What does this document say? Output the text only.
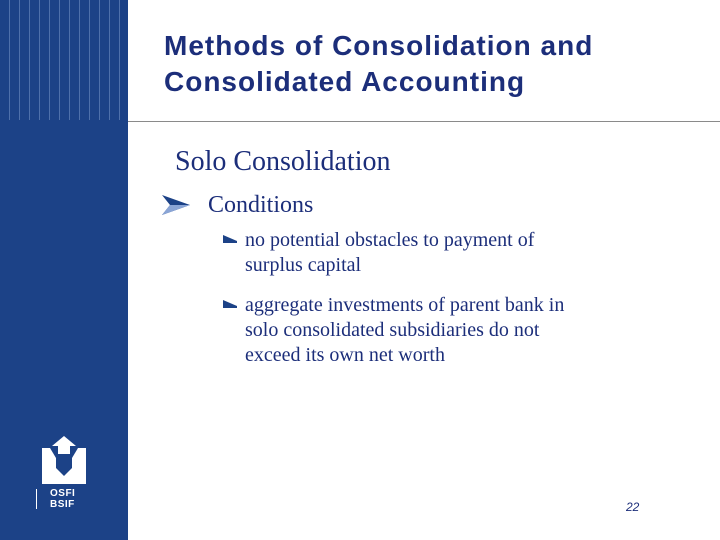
OSFI
BSIF
Methods of Consolidation and
Consolidated Accounting
Solo Consolidation
Conditions
no potential obstacles to payment of
surplus capital
aggregate investments of parent bank in
solo consolidated subsidiaries do not
exceed its own net worth
22
